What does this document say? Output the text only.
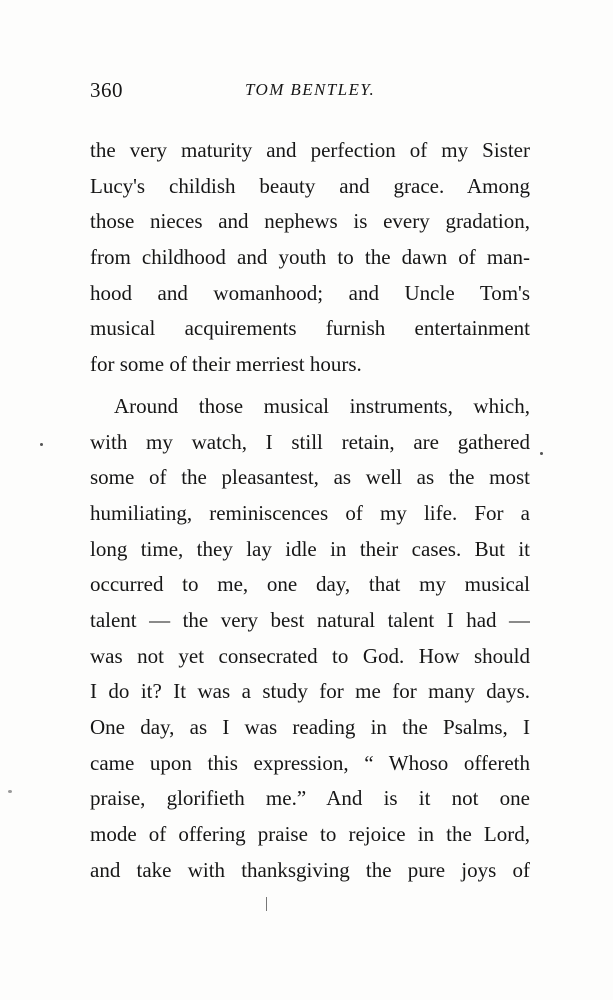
360	TOM BENTLEY.
the very maturity and perfection of my Sister
Lucy's childish beauty and grace. Among
those nieces and nephews is every gradation,
from childhood and youth to the dawn of man-
hood and womanhood; and Uncle Tom's
musical acquirements furnish entertainment
for some of their merriest hours.
Around those musical instruments, which,
with my watch, I still retain, are gathered
some of the pleasantest, as well as the most
humiliating, reminiscences of my life. For a
long time, they lay idle in their cases. But it
occurred to me, one day, that my musical
talent — the very best natural talent I had —
was not yet consecrated to God. How should
I do it? It was a study for me for many days.
One day, as I was reading in the Psalms, I
came upon this expression, “ Whoso offereth
praise, glorifieth me.” And is it not one
mode of offering praise to rejoice in the Lord,
and take with thanksgiving the pure joys of
